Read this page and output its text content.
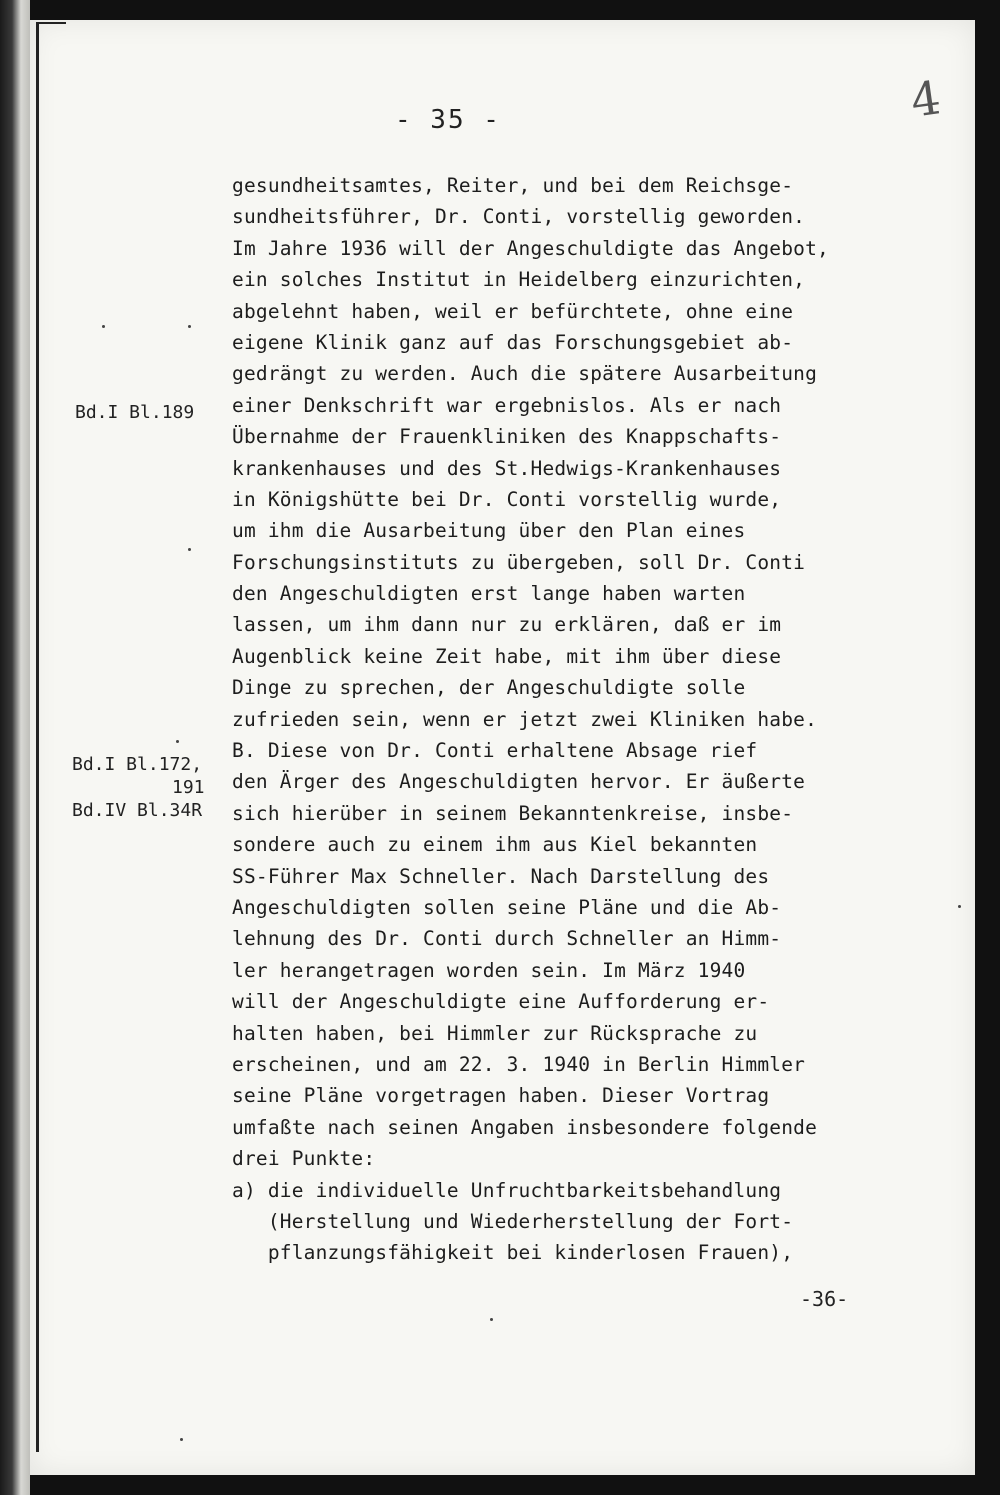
4
- 35 -
gesundheitsamtes, Reiter, und bei dem Reichsge-
sundheitsführer, Dr. Conti, vorstellig geworden.
Im Jahre 1936 will der Angeschuldigte das Angebot,
ein solches Institut in Heidelberg einzurichten,
abgelehnt haben, weil er befürchtete, ohne eine
eigene Klinik ganz auf das Forschungsgebiet ab-
gedrängt zu werden. Auch die spätere Ausarbeitung
einer Denkschrift war ergebnislos. Als er nach
Übernahme der Frauenkliniken des Knappschafts-
krankenhauses und des St.Hedwigs-Krankenhauses
in Königshütte bei Dr. Conti vorstellig wurde,
um ihm die Ausarbeitung über den Plan eines
Forschungsinstituts zu übergeben, soll Dr. Conti
den Angeschuldigten erst lange haben warten
lassen, um ihm dann nur zu erklären, daß er im
Augenblick keine Zeit habe, mit ihm über diese
Dinge zu sprechen, der Angeschuldigte solle
zufrieden sein, wenn er jetzt zwei Kliniken habe.
B. Diese von Dr. Conti erhaltene Absage rief
den Ärger des Angeschuldigten hervor. Er äußerte
sich hierüber in seinem Bekanntenkreise, insbe-
sondere auch zu einem ihm aus Kiel bekannten
SS-Führer Max Schneller. Nach Darstellung des
Angeschuldigten sollen seine Pläne und die Ab-
lehnung des Dr. Conti durch Schneller an Himm-
ler herangetragen worden sein. Im März 1940
will der Angeschuldigte eine Aufforderung er-
halten haben, bei Himmler zur Rücksprache zu
erscheinen, und am 22. 3. 1940 in Berlin Himmler
seine Pläne vorgetragen haben. Dieser Vortrag
umfaßte nach seinen Angaben insbesondere folgende
drei Punkte:
a) die individuelle Unfruchtbarkeitsbehandlung
(Herstellung und Wiederherstellung der Fort-
pflanzungsfähigkeit bei kinderlosen Frauen),
Bd.I Bl.189
Bd.I Bl.172,
191
Bd.IV Bl.34R
-36-
